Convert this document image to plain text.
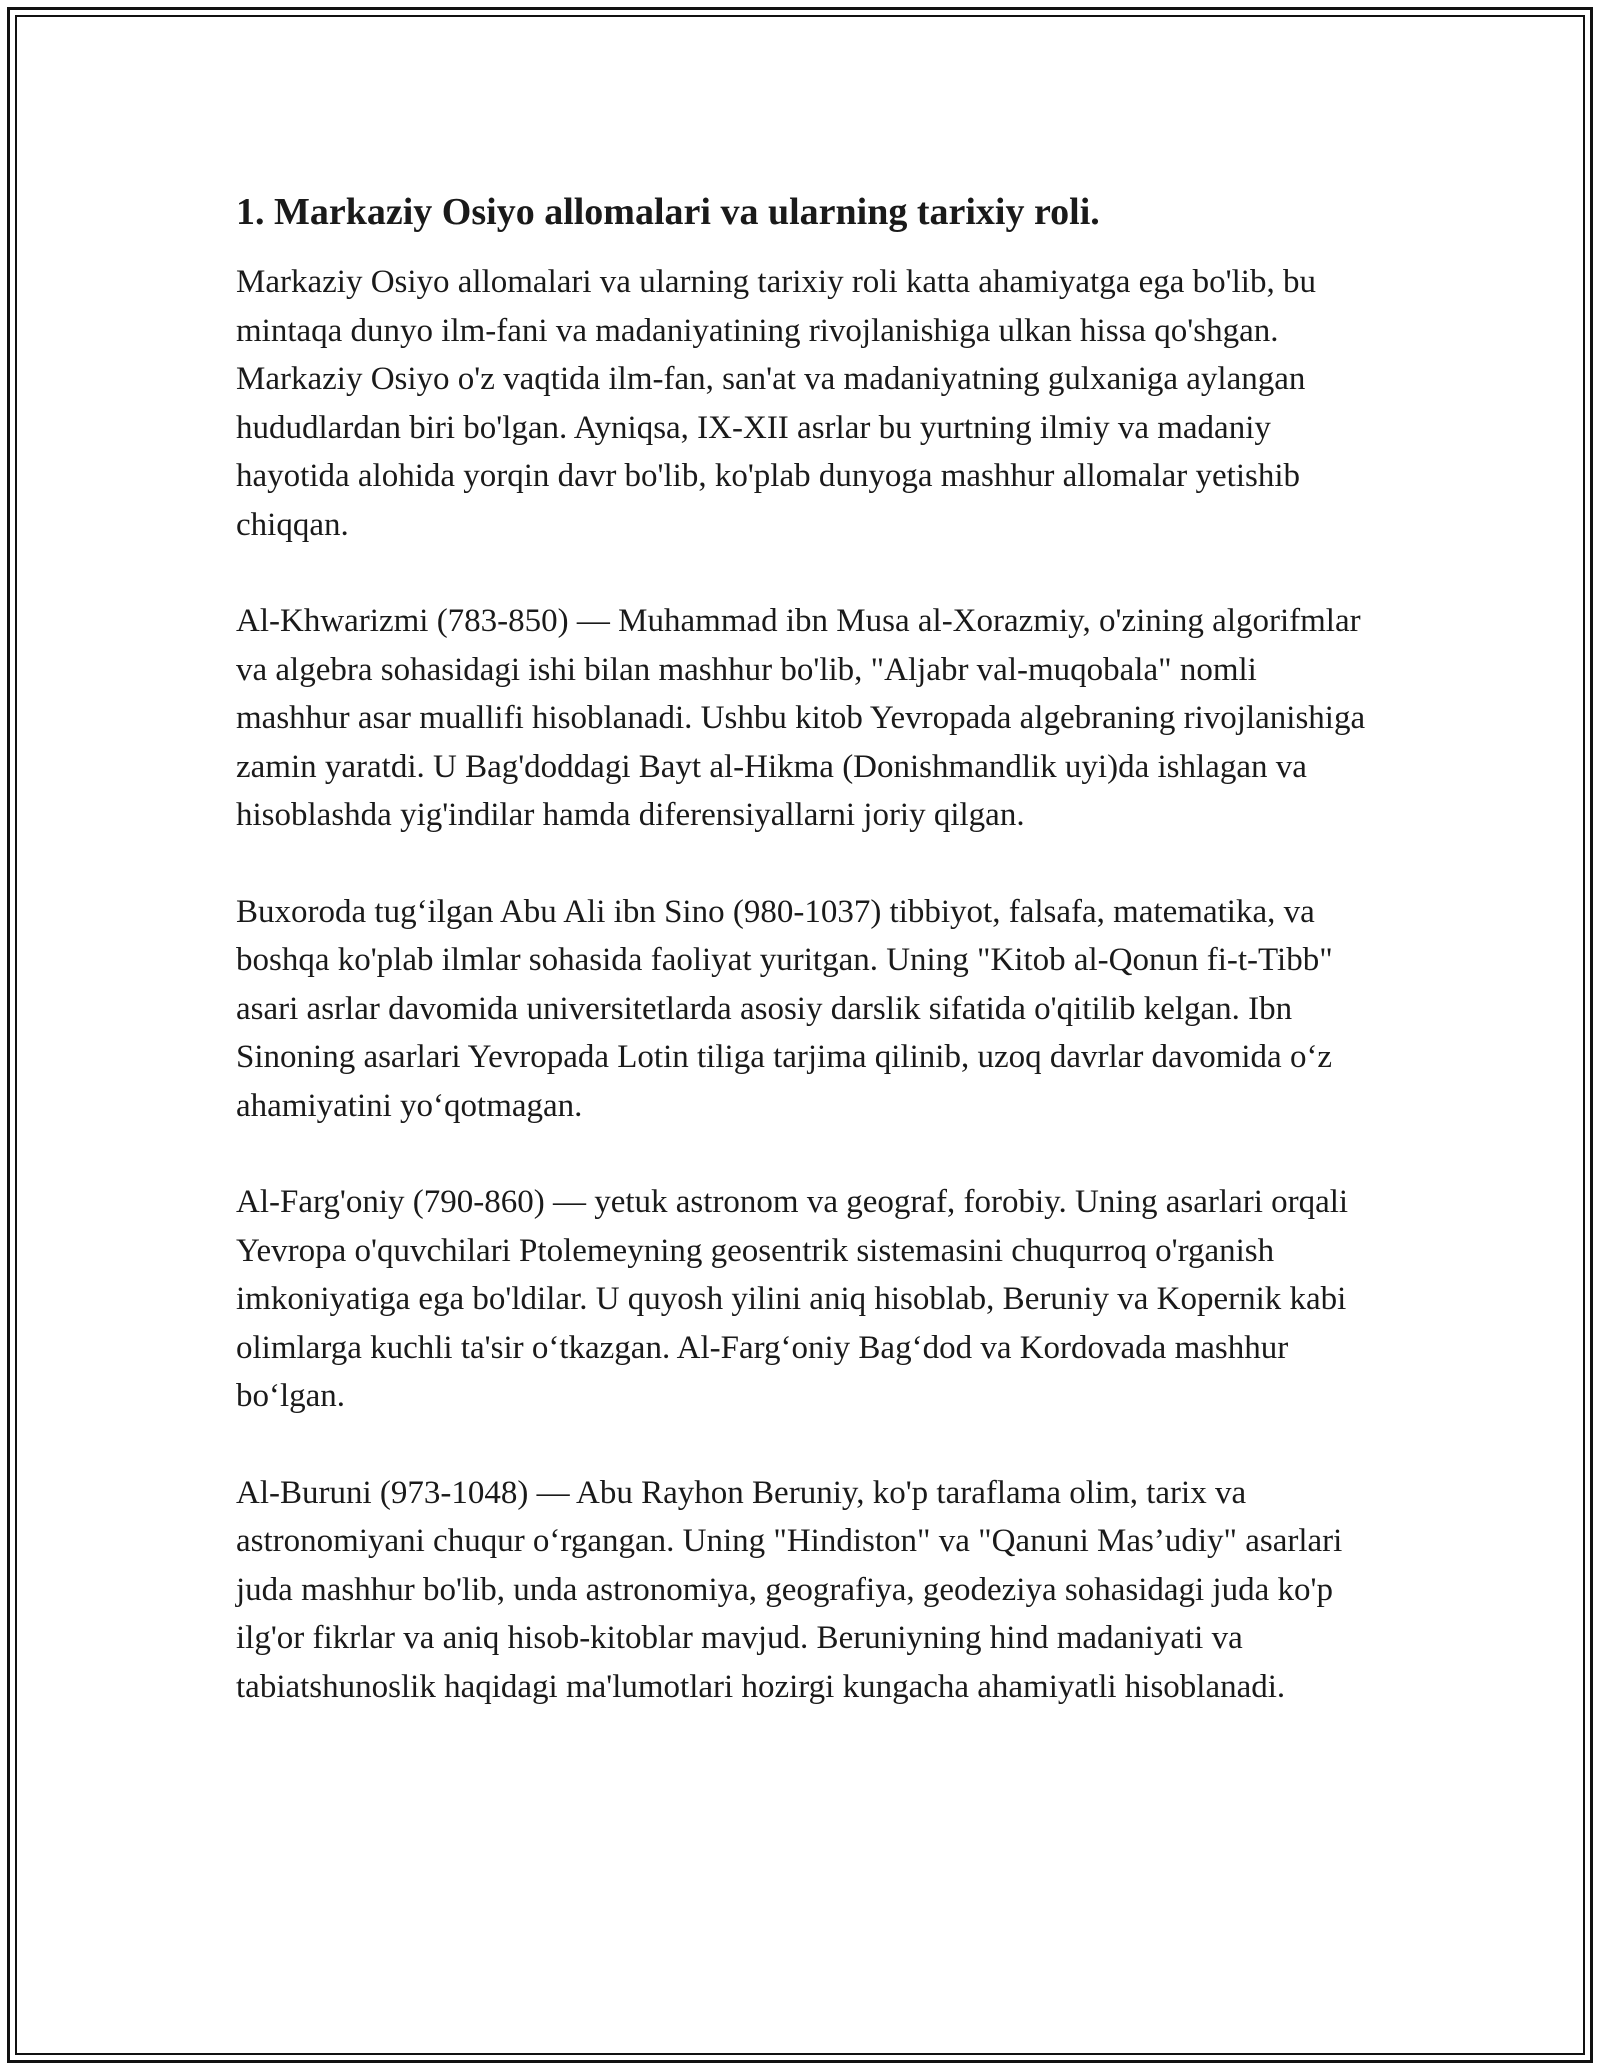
1. Markaziy Osiyo allomalari va ularning tarixiy roli.

Markaziy Osiyo allomalari va ularning tarixiy roli katta ahamiyatga ega bo'lib, bu mintaqa dunyo ilm-fani va madaniyatining rivojlanishiga ulkan hissa qo'shgan. Markaziy Osiyo o'z vaqtida ilm-fan, san'at va madaniyatning gulxaniga aylangan hududlardan biri bo'lgan. Ayniqsa, IX-XII asrlar bu yurtning ilmiy va madaniy hayotida alohida yorqin davr bo'lib, ko'plab dunyoga mashhur allomalar yetishib chiqqan.

Al-Khwarizmi (783-850) — Muhammad ibn Musa al-Xorazmiy, o'zining algorifmlar va algebra sohasidagi ishi bilan mashhur bo'lib, "Aljabr val-muqobala" nomli mashhur asar muallifi hisoblanadi. Ushbu kitob Yevropada algebraning rivojlanishiga zamin yaratdi. U Bag'doddagi Bayt al-Hikma (Donishmandlik uyi)da ishlagan va hisoblashda yig'indilar hamda diferensiyallarni joriy qilgan.

Buxoroda tug‘ilgan Abu Ali ibn Sino (980-1037) tibbiyot, falsafa, matematika, va boshqa ko'plab ilmlar sohasida faoliyat yuritgan. Uning "Kitob al-Qonun fi-t-Tibb" asari asrlar davomida universitetlarda asosiy darslik sifatida o'qitilib kelgan. Ibn Sinoning asarlari Yevropada Lotin tiliga tarjima qilinib, uzoq davrlar davomida o‘z ahamiyatini yo‘qotmagan.

Al-Farg'oniy (790-860) — yetuk astronom va geograf, forobiy. Uning asarlari orqali Yevropa o'quvchilari Ptolemeyning geosentrik sistemasini chuqurroq o'rganish imkoniyatiga ega bo'ldilar. U quyosh yilini aniq hisoblab, Beruniy va Kopernik kabi olimlarga kuchli ta'sir o‘tkazgan. Al-Farg‘oniy Bag‘dod va Kordovada mashhur bo‘lgan.

Al-Buruni (973-1048) — Abu Rayhon Beruniy, ko'p taraflama olim, tarix va astronomiyani chuqur o‘rgangan. Uning "Hindiston" va "Qanuni Mas’udiy" asarlari juda mashhur bo'lib, unda astronomiya, geografiya, geodeziya sohasidagi juda ko'p ilg'or fikrlar va aniq hisob-kitoblar mavjud. Beruniyning hind madaniyati va tabiatshunoslik haqidagi ma'lumotlari hozirgi kungacha ahamiyatli hisoblanadi.
